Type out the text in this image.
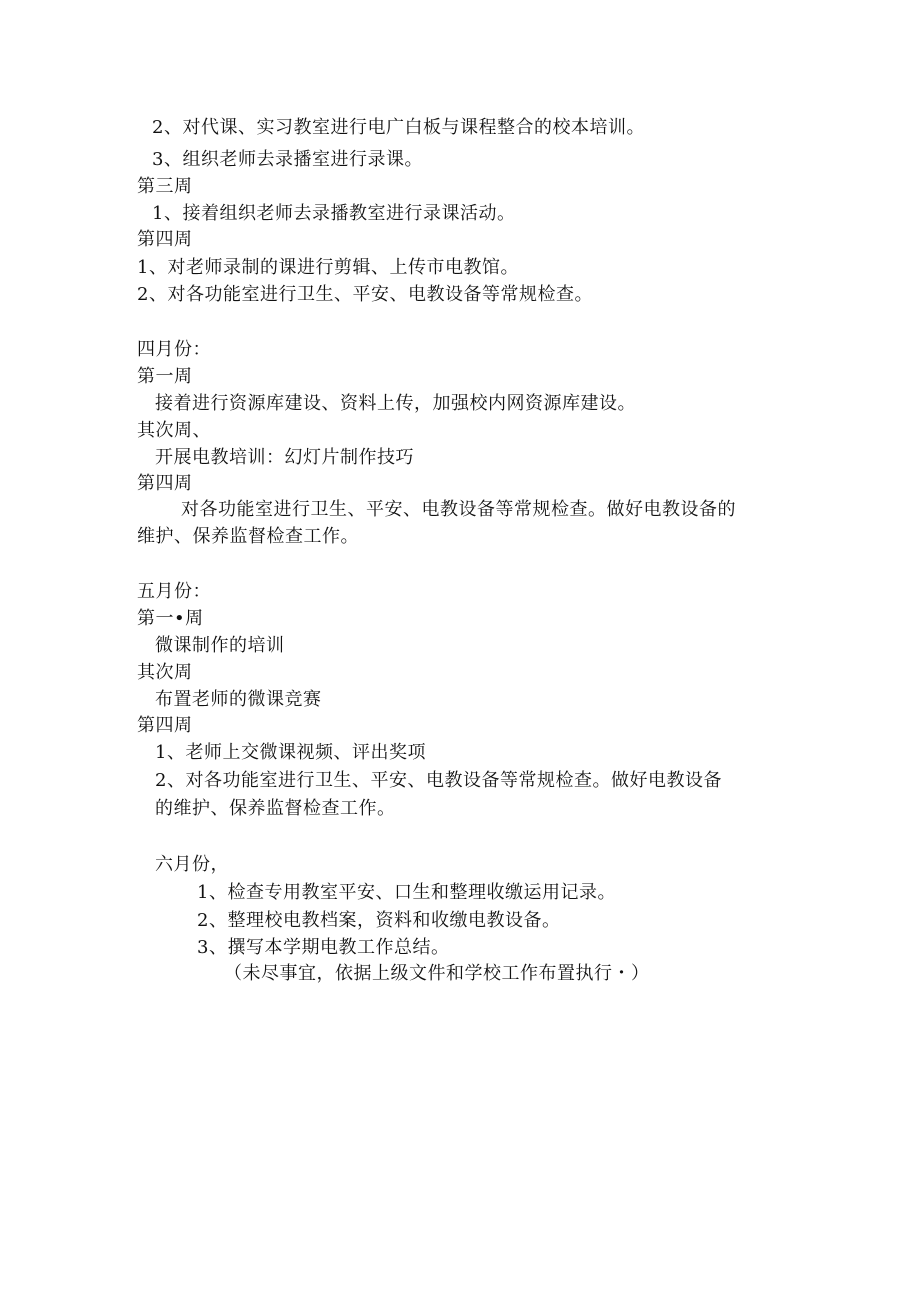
2、对代课、实习教室进行电广白板与课程整合的校本培训。
3、组织老师去录播室进行录课。
第三周
1、接着组织老师去录播教室进行录课活动。
第四周
1、对老师录制的课进行剪辑、上传市电教馆。
2、对各功能室进行卫生、平安、电教设备等常规检查。
四月份：
第一周
接着进行资源库建设、资料上传，加强校内网资源库建设。
其次周、
开展电教培训：幻灯片制作技巧
第四周
对各功能室进行卫生、平安、电教设备等常规检查。做好电教设备的
维护、保养监督检查工作。
五月份：
第一•周
微课制作的培训
其次周
布置老师的微课竞赛
第四周
1、老师上交微课视频、评出奖项
2、对各功能室进行卫生、平安、电教设备等常规检查。做好电教设备
的维护、保养监督检查工作。
六月份，
1、检查专用教室平安、口生和整理收缴运用记录。
2、整理校电教档案，资料和收缴电教设备。
3、撰写本学期电教工作总结。
（未尽事宜，依据上级文件和学校工作布置执行・）
